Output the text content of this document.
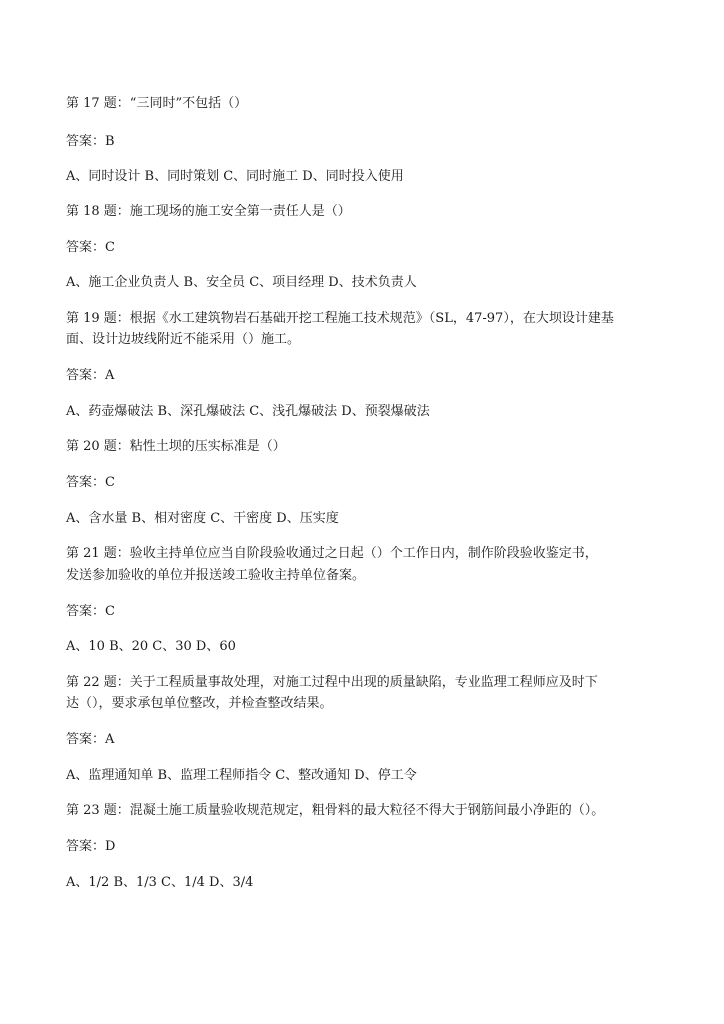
第 17 题：“三同时”不包括（）
答案：B
A、同时设计 B、同时策划 C、同时施工 D、同时投入使用
第 18 题：施工现场的施工安全第一责任人是（）
答案：C
A、施工企业负责人 B、安全员 C、项目经理 D、技术负责人
第 19 题：根据《水工建筑物岩石基础开挖工程施工技术规范》（SL，47-97），在大坝设计建基
面、设计边坡线附近不能采用（）施工。
答案：A
A、药壶爆破法 B、深孔爆破法 C、浅孔爆破法 D、预裂爆破法
第 20 题：粘性土坝的压实标准是（）
答案：C
A、含水量 B、相对密度 C、干密度 D、压实度
第 21 题：验收主持单位应当自阶段验收通过之日起（）个工作日内，制作阶段验收鉴定书，
发送参加验收的单位并报送竣工验收主持单位备案。
答案：C
A、10 B、20 C、30 D、60
第 22 题：关于工程质量事故处理，对施工过程中出现的质量缺陷，专业监理工程师应及时下
达（），要求承包单位整改，并检查整改结果。
答案：A
A、监理通知单 B、监理工程师指令 C、整改通知 D、停工令
第 23 题：混凝土施工质量验收规范规定，粗骨料的最大粒径不得大于钢筋间最小净距的（）。
答案：D
A、1/2 B、1/3 C、1/4 D、3/4
